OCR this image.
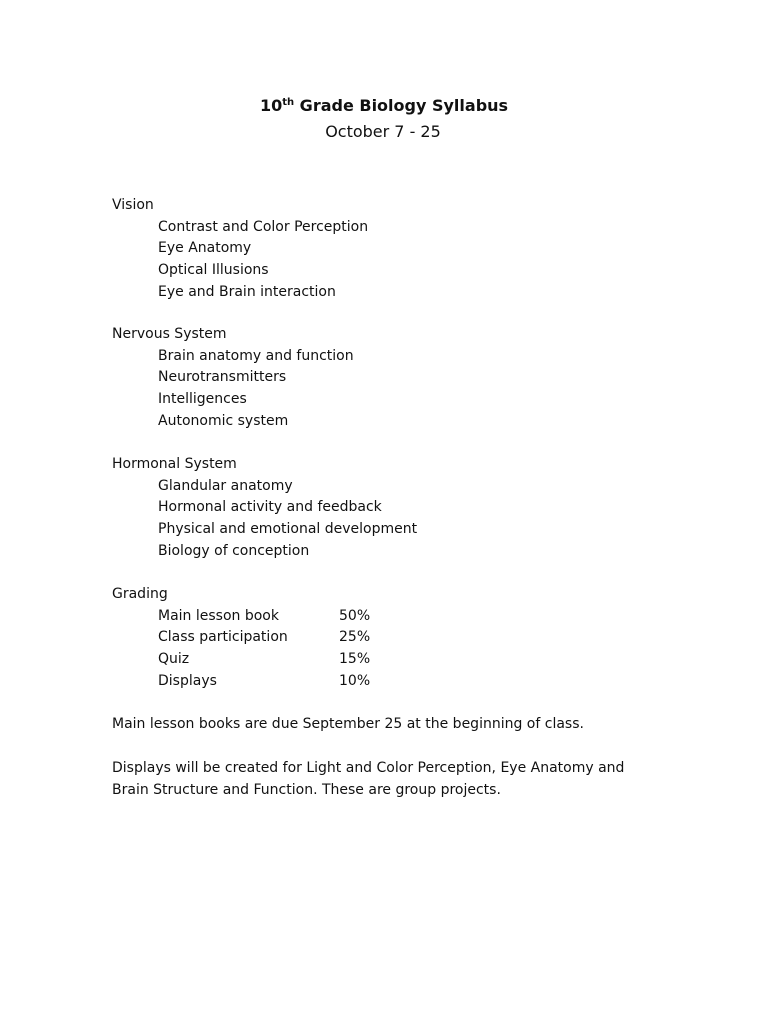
10th Grade Biology Syllabus
October 7 - 25
Vision
Contrast and Color Perception
Eye Anatomy
Optical Illusions
Eye and Brain interaction
Nervous System
Brain anatomy and function
Neurotransmitters
Intelligences
Autonomic system
Hormonal System
Glandular anatomy
Hormonal activity and feedback
Physical and emotional development
Biology of conception
Grading
Main lesson book	50%
Class participation	25%
Quiz	15%
Displays	10%
Main lesson books are due September 25 at the beginning of class.
Displays will be created for Light and Color Perception, Eye Anatomy and Brain Structure and Function. These are group projects.
